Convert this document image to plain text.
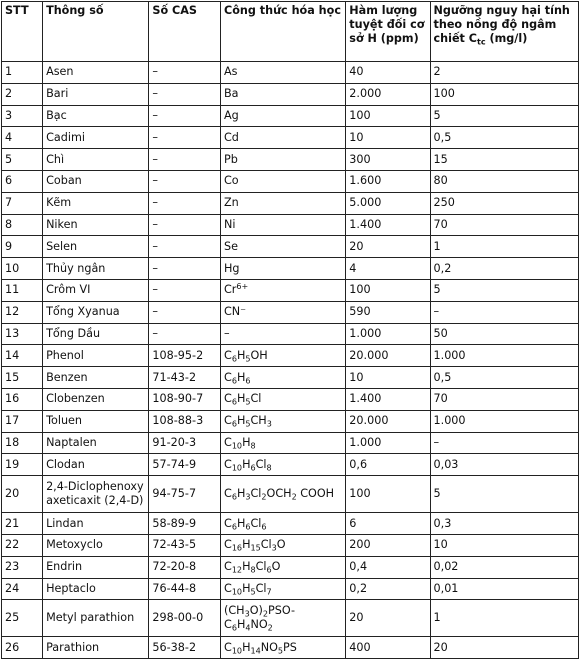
STT	Thông số	Số CAS	Công thức hóa học	Hàm lượng tuyệt đối cơ sở H (ppm)	Ngưỡng nguy hại tính theo nồng độ ngâm chiết $C_{tc}$ (mg/l)
1	Asen	–	As	40	2
2	Bari	–	Ba	2.000	100
3	Bạc	–	Ag	100	5
4	Cadimi	–	Cd	10	0,5
5	Chì	–	Pb	300	15
6	Coban	–	Co	1.600	80
7	Kẽm	–	Zn	5.000	250
8	Niken	–	Ni	1.400	70
9	Selen	–	Se	20	1
10	Thủy ngân	–	Hg	4	0,2
11	Crôm VI	–	$Cr^{6+}$	100	5
12	Tổng Xyanua	–	CN⁻	590	–
13	Tổng Dầu	–	–	1.000	50
14	Phenol	108-95-2	$C_6H_5OH$	20.000	1.000
15	Benzen	71-43-2	$C_6H_6$	10	0,5
16	Clobenzen	108-90-7	$C_6H_5Cl$	1.400	70
17	Toluen	108-88-3	$C_6H_5CH_3$	20.000	1.000
18	Naptalen	91-20-3	$C_{10}H_8$	1.000	–
19	Clodan	57-74-9	$C_{10}H_6Cl_8$	0,6	0,03
20	2,4-Diclophenoxy axeticaxit (2,4-D)	94-75-7	$C_6H_3Cl_2OCH_2$ COOH	100	5
21	Lindan	58-89-9	$C_6H_6Cl_6$	6	0,3
22	Metoxyclo	72-43-5	$C_{16}H_{15}Cl_3O$	200	10
23	Endrin	72-20-8	$C_{12}H_8Cl_6O$	0,4	0,02
24	Heptaclo	76-44-8	$C_{10}H_5Cl_7$	0,2	0,01
25	Metyl parathion	298-00-0	$(CH_3O)_2PSO-C_6H_4NO_2$	20	1
26	Parathion	56-38-2	$C_{10}H_{14}NO_5PS$	400	20
